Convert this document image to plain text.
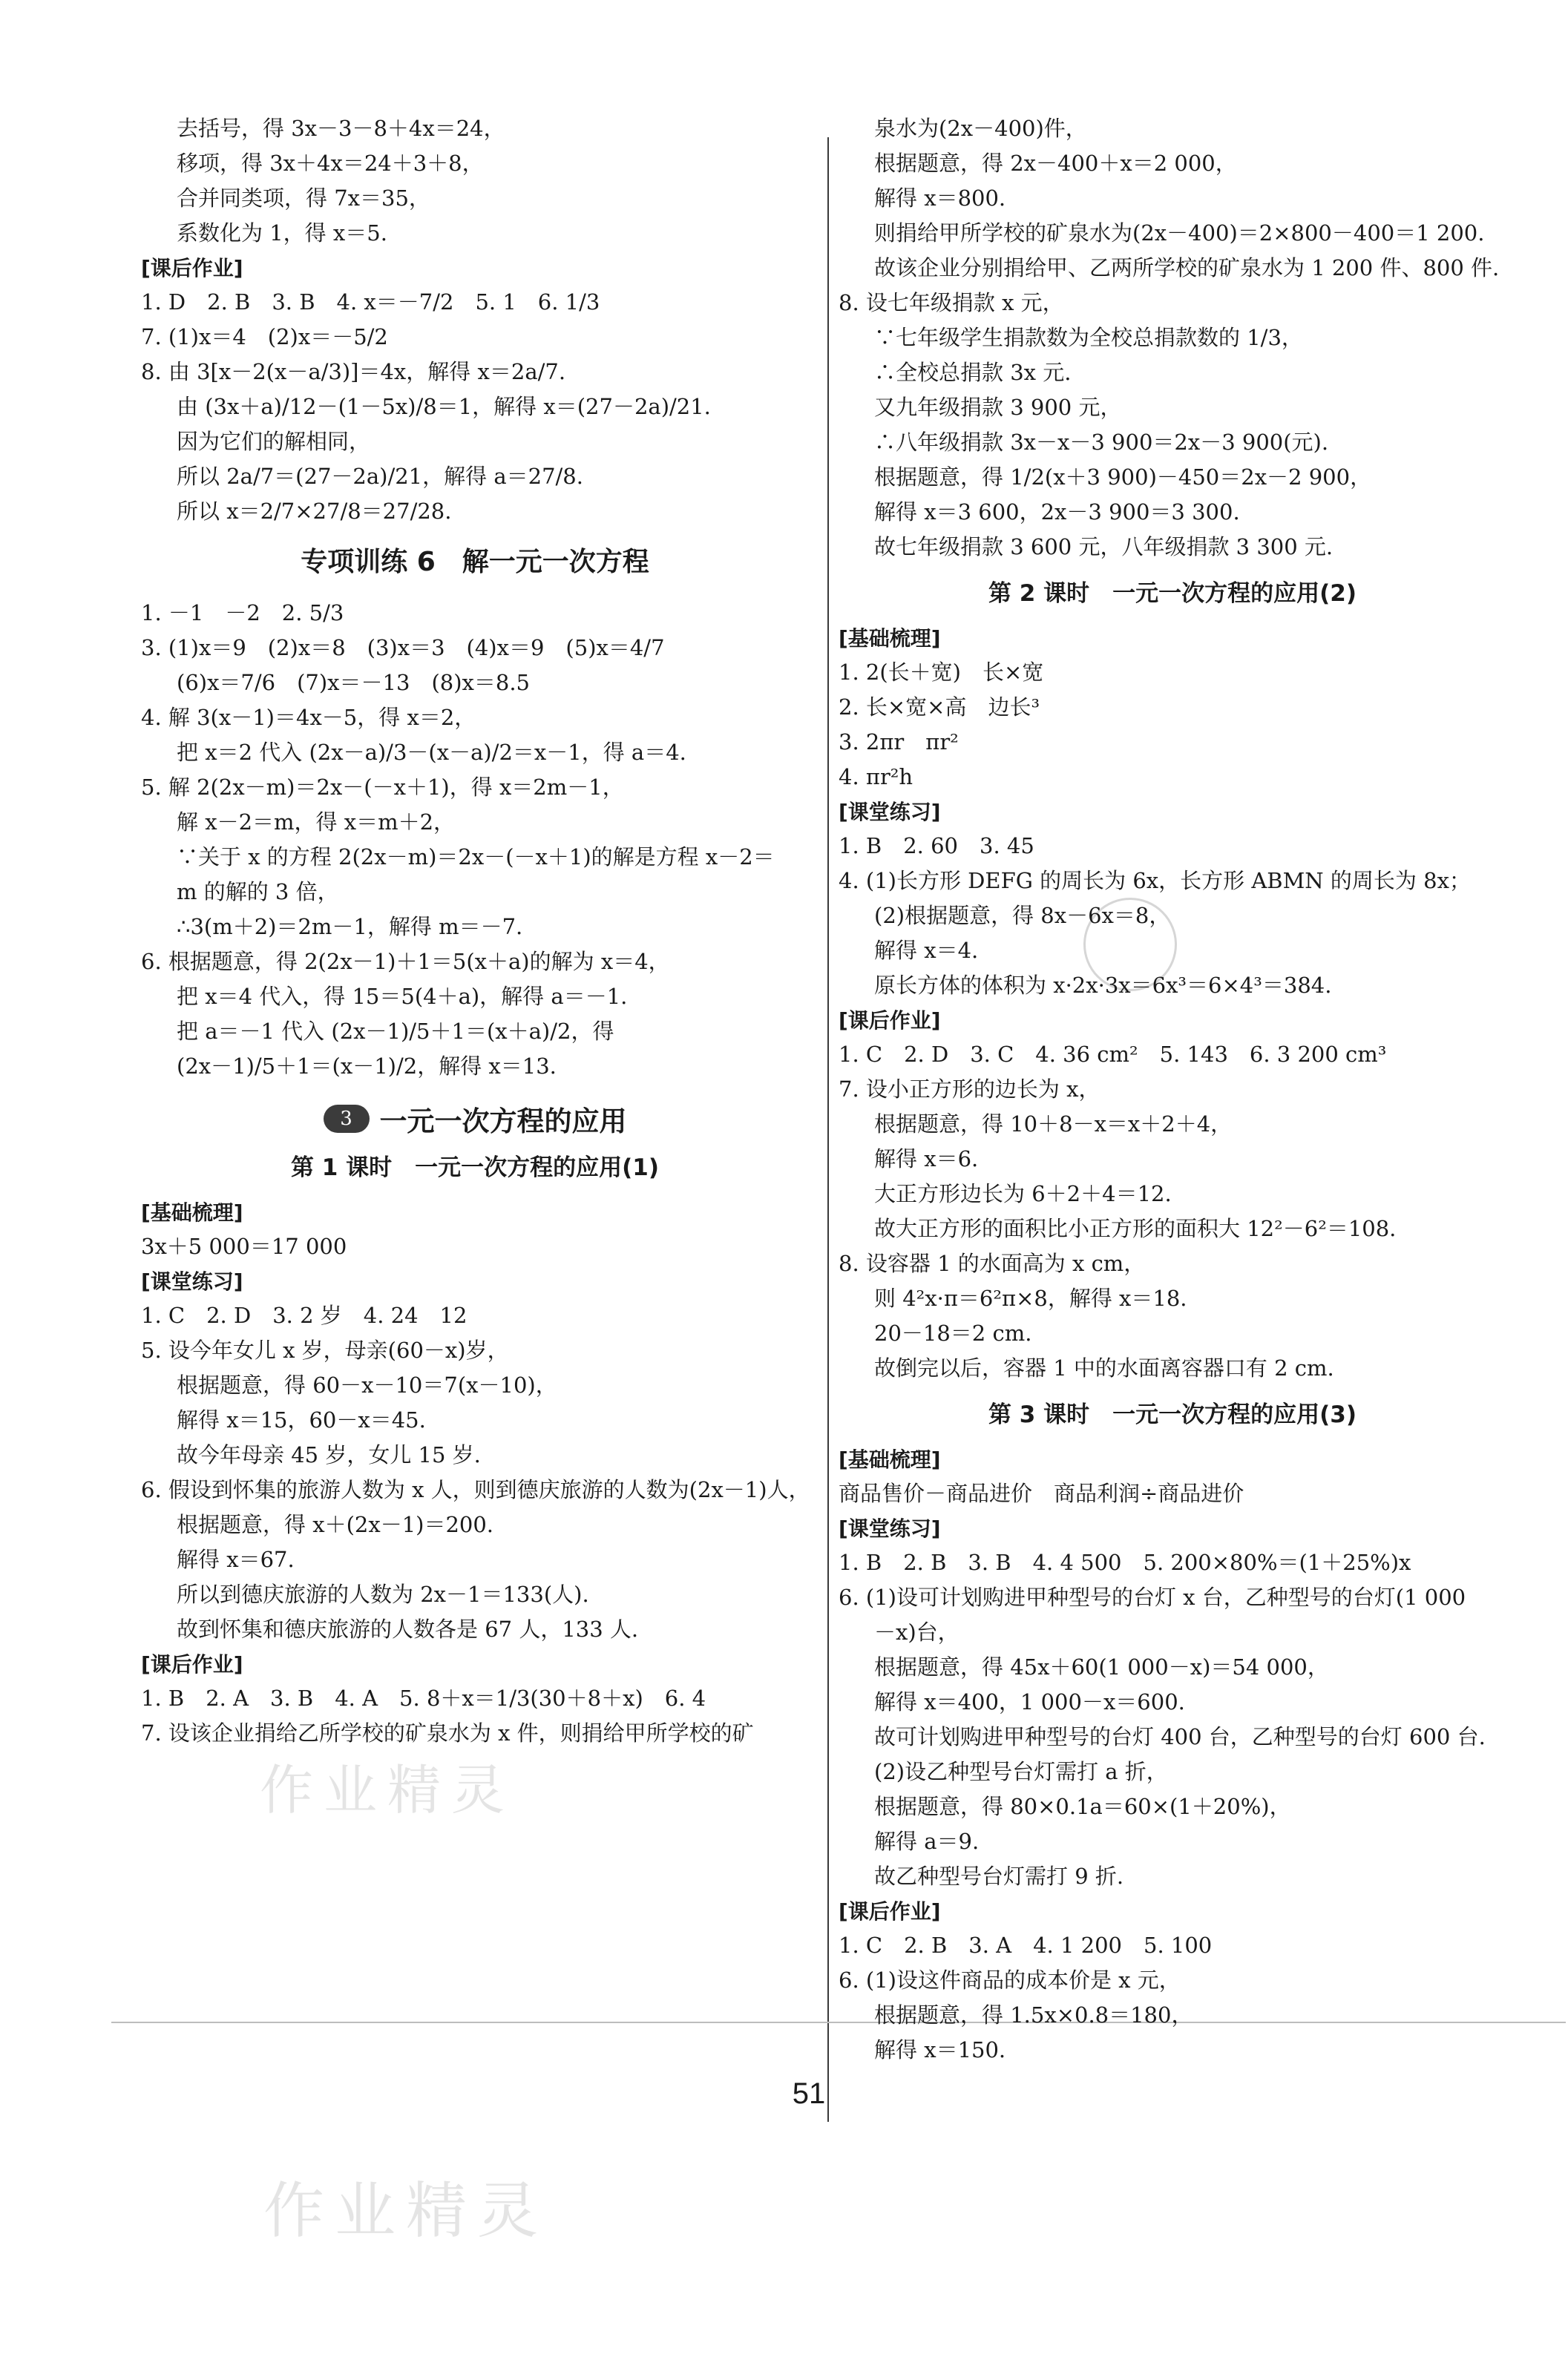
作业精灵
作业精灵
去括号，得 3x－3－8＋4x＝24，
移项，得 3x＋4x＝24＋3＋8，
合并同类项，得 7x＝35，
系数化为 1，得 x＝5.
[课后作业]
1. D　2. B　3. B　4. x＝－7/2　5. 1　6. 1/3
7. (1)x＝4　(2)x＝－5/2
8. 由 3[x－2(x－a/3)]＝4x，解得 x＝2a/7.
由 (3x＋a)/12－(1－5x)/8＝1，解得 x＝(27－2a)/21.
因为它们的解相同，
所以 2a/7＝(27－2a)/21，解得 a＝27/8.
所以 x＝2/7×27/8＝27/28.
专项训练 6　解一元一次方程
1. －1　－2　2. 5/3
3. (1)x＝9　(2)x＝8　(3)x＝3　(4)x＝9　(5)x＝4/7
(6)x＝7/6　(7)x＝－13　(8)x＝8.5
4. 解 3(x－1)＝4x－5，得 x＝2，
把 x＝2 代入 (2x－a)/3－(x－a)/2＝x－1，得 a＝4.
5. 解 2(2x－m)＝2x－(－x＋1)，得 x＝2m－1，
解 x－2＝m，得 x＝m＋2，
∵关于 x 的方程 2(2x－m)＝2x－(－x＋1)的解是方程 x－2＝
m 的解的 3 倍，
∴3(m＋2)＝2m－1，解得 m＝－7.
6. 根据题意，得 2(2x－1)＋1＝5(x＋a)的解为 x＝4，
把 x＝4 代入，得 15＝5(4＋a)，解得 a＝－1.
把 a＝－1 代入 (2x－1)/5＋1＝(x＋a)/2，得
(2x－1)/5＋1＝(x－1)/2，解得 x＝13.
3 一元一次方程的应用
第 1 课时　一元一次方程的应用(1)
[基础梳理]
3x＋5 000＝17 000
[课堂练习]
1. C　2. D　3. 2 岁　4. 24　12
5. 设今年女儿 x 岁，母亲(60－x)岁，
根据题意，得 60－x－10＝7(x－10)，
解得 x＝15，60－x＝45.
故今年母亲 45 岁，女儿 15 岁.
6. 假设到怀集的旅游人数为 x 人，则到德庆旅游的人数为(2x－1)人，
根据题意，得 x＋(2x－1)＝200.
解得 x＝67.
所以到德庆旅游的人数为 2x－1＝133(人).
故到怀集和德庆旅游的人数各是 67 人，133 人.
[课后作业]
1. B　2. A　3. B　4. A　5. 8＋x＝1/3(30＋8＋x)　6. 4
7. 设该企业捐给乙所学校的矿泉水为 x 件，则捐给甲所学校的矿
泉水为(2x－400)件，
根据题意，得 2x－400＋x＝2 000，
解得 x＝800.
则捐给甲所学校的矿泉水为(2x－400)＝2×800－400＝1 200.
故该企业分别捐给甲、乙两所学校的矿泉水为 1 200 件、800 件.
8. 设七年级捐款 x 元，
∵七年级学生捐款数为全校总捐款数的 1/3，
∴全校总捐款 3x 元.
又九年级捐款 3 900 元，
∴八年级捐款 3x－x－3 900＝2x－3 900(元).
根据题意，得 1/2(x＋3 900)－450＝2x－2 900，
解得 x＝3 600，2x－3 900＝3 300.
故七年级捐款 3 600 元，八年级捐款 3 300 元.
第 2 课时　一元一次方程的应用(2)
[基础梳理]
1. 2(长＋宽)　长×宽
2. 长×宽×高　边长³
3. 2πr　πr²
4. πr²h
[课堂练习]
1. B　2. 60　3. 45
4. (1)长方形 DEFG 的周长为 6x，长方形 ABMN 的周长为 8x；
(2)根据题意，得 8x－6x＝8，
解得 x＝4.
原长方体的体积为 x·2x·3x＝6x³＝6×4³＝384.
[课后作业]
1. C　2. D　3. C　4. 36 cm²　5. 143　6. 3 200 cm³
7. 设小正方形的边长为 x，
根据题意，得 10＋8－x＝x＋2＋4，
解得 x＝6.
大正方形边长为 6＋2＋4＝12.
故大正方形的面积比小正方形的面积大 12²－6²＝108.
8. 设容器 1 的水面高为 x cm，
则 4²x·π＝6²π×8，解得 x＝18.
20－18＝2 cm.
故倒完以后，容器 1 中的水面离容器口有 2 cm.
第 3 课时　一元一次方程的应用(3)
[基础梳理]
商品售价－商品进价　商品利润÷商品进价
[课堂练习]
1. B　2. B　3. B　4. 4 500　5. 200×80%＝(1＋25%)x
6. (1)设可计划购进甲种型号的台灯 x 台，乙种型号的台灯(1 000
－x)台，
根据题意，得 45x＋60(1 000－x)＝54 000，
解得 x＝400，1 000－x＝600.
故可计划购进甲种型号的台灯 400 台，乙种型号的台灯 600 台.
(2)设乙种型号台灯需打 a 折，
根据题意，得 80×0.1a＝60×(1＋20%)，
解得 a＝9.
故乙种型号台灯需打 9 折.
[课后作业]
1. C　2. B　3. A　4. 1 200　5. 100
6. (1)设这件商品的成本价是 x 元，
根据题意，得 1.5x×0.8＝180，
解得 x＝150.
51
